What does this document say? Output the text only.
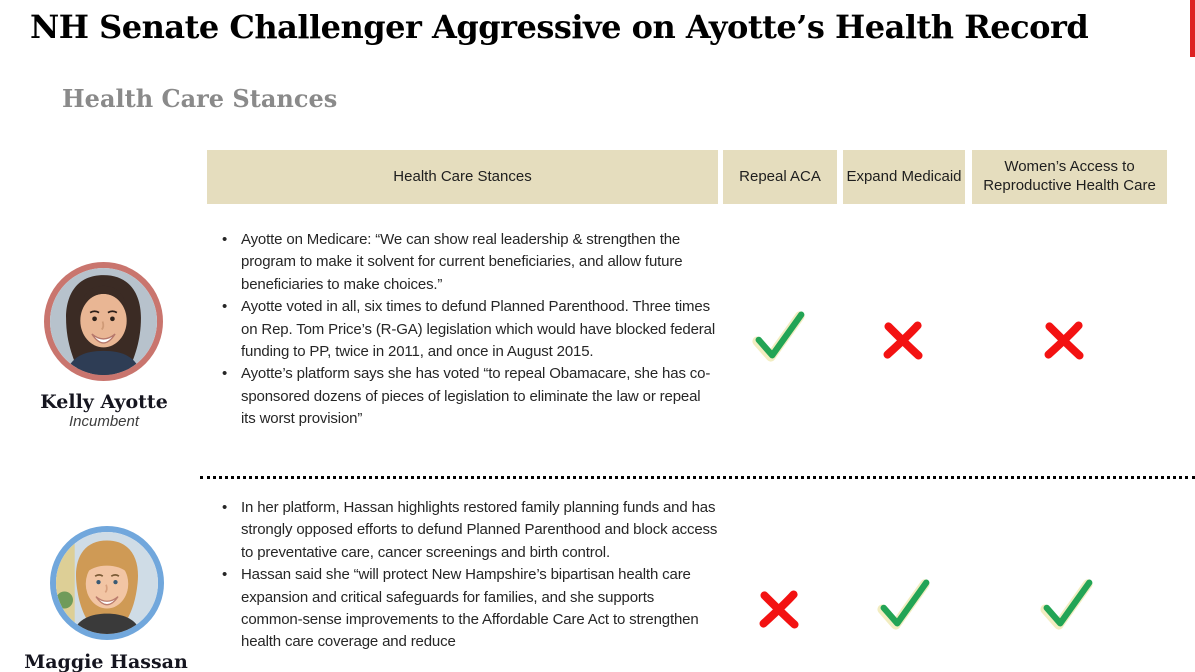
NH Senate Challenger Aggressive on Ayotte’s Health Record
Health Care Stances
Health Care Stances	Repeal ACA	Expand Medicaid
Women’s Access to Reproductive Health Care
Kelly Ayotte
Incumbent
• Ayotte on Medicare: “We can show real leadership & strengthen the program to make it solvent for current beneficiaries, and allow future beneficiaries to make choices.”
• Ayotte voted in all, six times to defund Planned Parenthood. Three times on Rep. Tom Price’s (R-GA) legislation which would have blocked federal funding to PP, twice in 2011, and once in August 2015.
• Ayotte’s platform says she has voted “to repeal Obamacare, she has co-sponsored dozens of pieces of legislation to eliminate the law or repeal its worst provision”
Maggie Hassan
• In her platform, Hassan highlights restored family planning funds and has strongly opposed efforts to defund Planned Parenthood and block access to preventative care, cancer screenings and birth control.
• Hassan said she “will protect New Hampshire’s bipartisan health care expansion and critical safeguards for families, and she supports common-sense improvements to the Affordable Care Act to strengthen health care coverage and reduce
